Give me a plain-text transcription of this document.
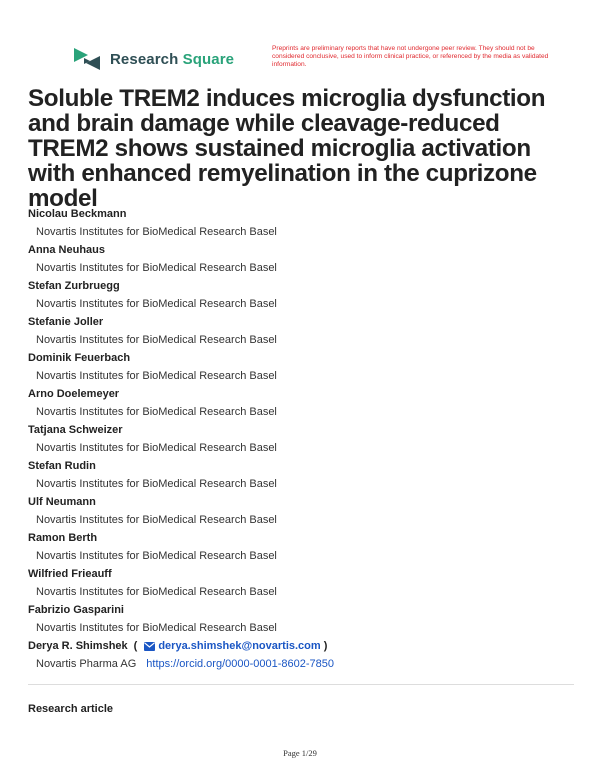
Research Square
Preprints are preliminary reports that have not undergone peer review. They should not be considered conclusive, used to inform clinical practice, or referenced by the media as validated information.
Soluble TREM2 induces microglia dysfunction and brain damage while cleavage-reduced TREM2 shows sustained microglia activation with enhanced remyelination in the cuprizone model
Nicolau Beckmann
Novartis Institutes for BioMedical Research Basel
Anna Neuhaus
Novartis Institutes for BioMedical Research Basel
Stefan Zurbruegg
Novartis Institutes for BioMedical Research Basel
Stefanie Joller
Novartis Institutes for BioMedical Research Basel
Dominik Feuerbach
Novartis Institutes for BioMedical Research Basel
Arno Doelemeyer
Novartis Institutes for BioMedical Research Basel
Tatjana Schweizer
Novartis Institutes for BioMedical Research Basel
Stefan Rudin
Novartis Institutes for BioMedical Research Basel
Ulf Neumann
Novartis Institutes for BioMedical Research Basel
Ramon Berth
Novartis Institutes for BioMedical Research Basel
Wilfried Frieauff
Novartis Institutes for BioMedical Research Basel
Fabrizio Gasparini
Novartis Institutes for BioMedical Research Basel
Derya R. Shimshek ( derya.shimshek@novartis.com )
Novartis Pharma AG https://orcid.org/0000-0001-8602-7850
Research article
Page 1/29
